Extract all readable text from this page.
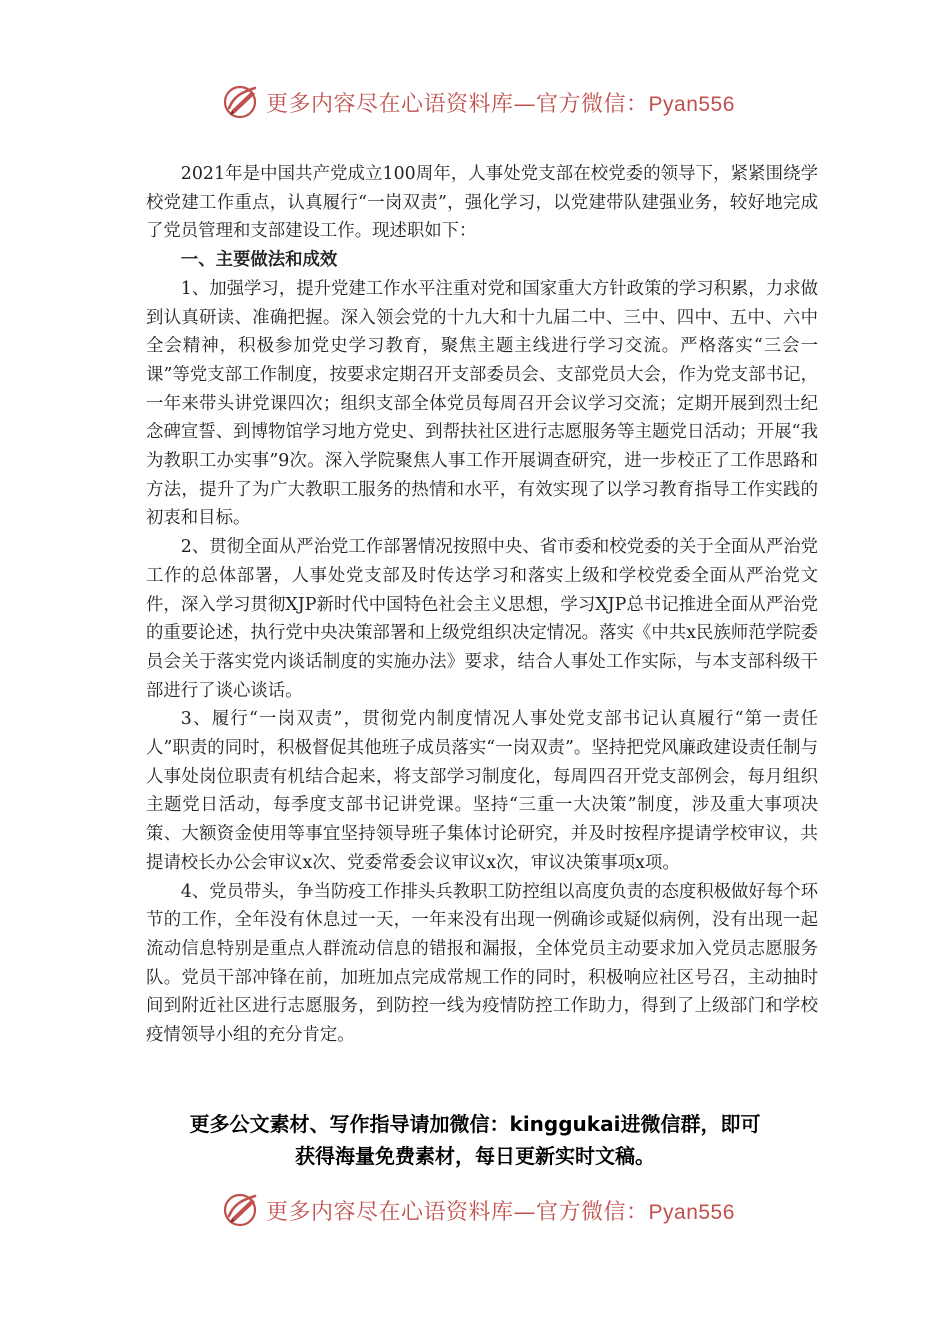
更多内容尽在心语资料库—官方微信：Pyan556

2021年是中国共产党成立100周年，人事处党支部在校党委的领导下，紧紧围绕学校党建工作重点，认真履行“一岗双责”，强化学习，以党建带队建强业务，较好地完成了党员管理和支部建设工作。现述职如下：

一、主要做法和成效

1、加强学习，提升党建工作水平注重对党和国家重大方针政策的学习积累，力求做到认真研读、准确把握。深入领会党的十九大和十九届二中、三中、四中、五中、六中全会精神，积极参加党史学习教育，聚焦主题主线进行学习交流。严格落实“三会一课”等党支部工作制度，按要求定期召开支部委员会、支部党员大会，作为党支部书记，一年来带头讲党课四次；组织支部全体党员每周召开会议学习交流；定期开展到烈士纪念碑宣誓、到博物馆学习地方党史、到帮扶社区进行志愿服务等主题党日活动；开展“我为教职工办实事”9次。深入学院聚焦人事工作开展调查研究，进一步校正了工作思路和方法，提升了为广大教职工服务的热情和水平，有效实现了以学习教育指导工作实践的初衷和目标。

2、贯彻全面从严治党工作部署情况按照中央、省市委和校党委的关于全面从严治党工作的总体部署，人事处党支部及时传达学习和落实上级和学校党委全面从严治党文件，深入学习贯彻XJP新时代中国特色社会主义思想，学习XJP总书记推进全面从严治党的重要论述，执行党中央决策部署和上级党组织决定情况。落实《中共x民族师范学院委员会关于落实党内谈话制度的实施办法》要求，结合人事处工作实际，与本支部科级干部进行了谈心谈话。

3、履行“一岗双责”，贯彻党内制度情况人事处党支部书记认真履行“第一责任人”职责的同时，积极督促其他班子成员落实“一岗双责”。坚持把党风廉政建设责任制与人事处岗位职责有机结合起来，将支部学习制度化，每周四召开党支部例会，每月组织主题党日活动，每季度支部书记讲党课。坚持“三重一大决策”制度，涉及重大事项决策、大额资金使用等事宜坚持领导班子集体讨论研究，并及时按程序提请学校审议，共提请校长办公会审议x次、党委常委会议审议x次，审议决策事项x项。

4、党员带头，争当防疫工作排头兵教职工防控组以高度负责的态度积极做好每个环节的工作，全年没有休息过一天，一年来没有出现一例确诊或疑似病例，没有出现一起流动信息特别是重点人群流动信息的错报和漏报，全体党员主动要求加入党员志愿服务队。党员干部冲锋在前，加班加点完成常规工作的同时，积极响应社区号召，主动抽时间到附近社区进行志愿服务，到防控一线为疫情防控工作助力，得到了上级部门和学校疫情领导小组的充分肯定。

更多公文素材、写作指导请加微信：kinggukai进微信群，即可
获得海量免费素材，每日更新实时文稿。
更多内容尽在心语资料库—官方微信：Pyan556
